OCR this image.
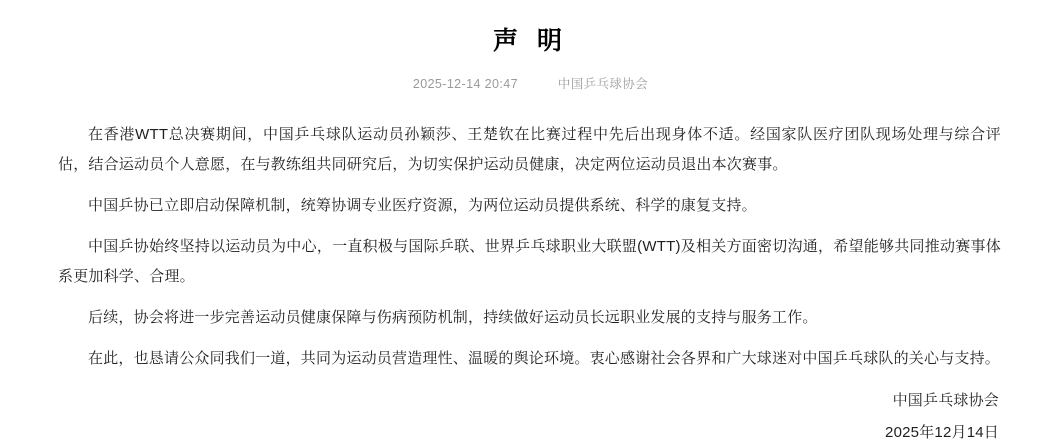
声 明
2025-12-14 20:47	中国乒乓球协会

在香港WTT总决赛期间，中国乒乓球队运动员孙颖莎、王楚钦在比赛过程中先后出现身体不适。经国家队医疗团队现场处理与综合评估，结合运动员个人意愿，在与教练组共同研究后，为切实保护运动员健康，决定两位运动员退出本次赛事。

中国乒协已立即启动保障机制，统筹协调专业医疗资源，为两位运动员提供系统、科学的康复支持。

中国乒协始终坚持以运动员为中心，一直积极与国际乒联、世界乒乓球职业大联盟(WTT)及相关方面密切沟通，希望能够共同推动赛事体系更加科学、合理。

后续，协会将进一步完善运动员健康保障与伤病预防机制，持续做好运动员长远职业发展的支持与服务工作。

在此，也恳请公众同我们一道，共同为运动员营造理性、温暖的舆论环境。衷心感谢社会各界和广大球迷对中国乒乓球队的关心与支持。

中国乒乓球协会
2025年12月14日
